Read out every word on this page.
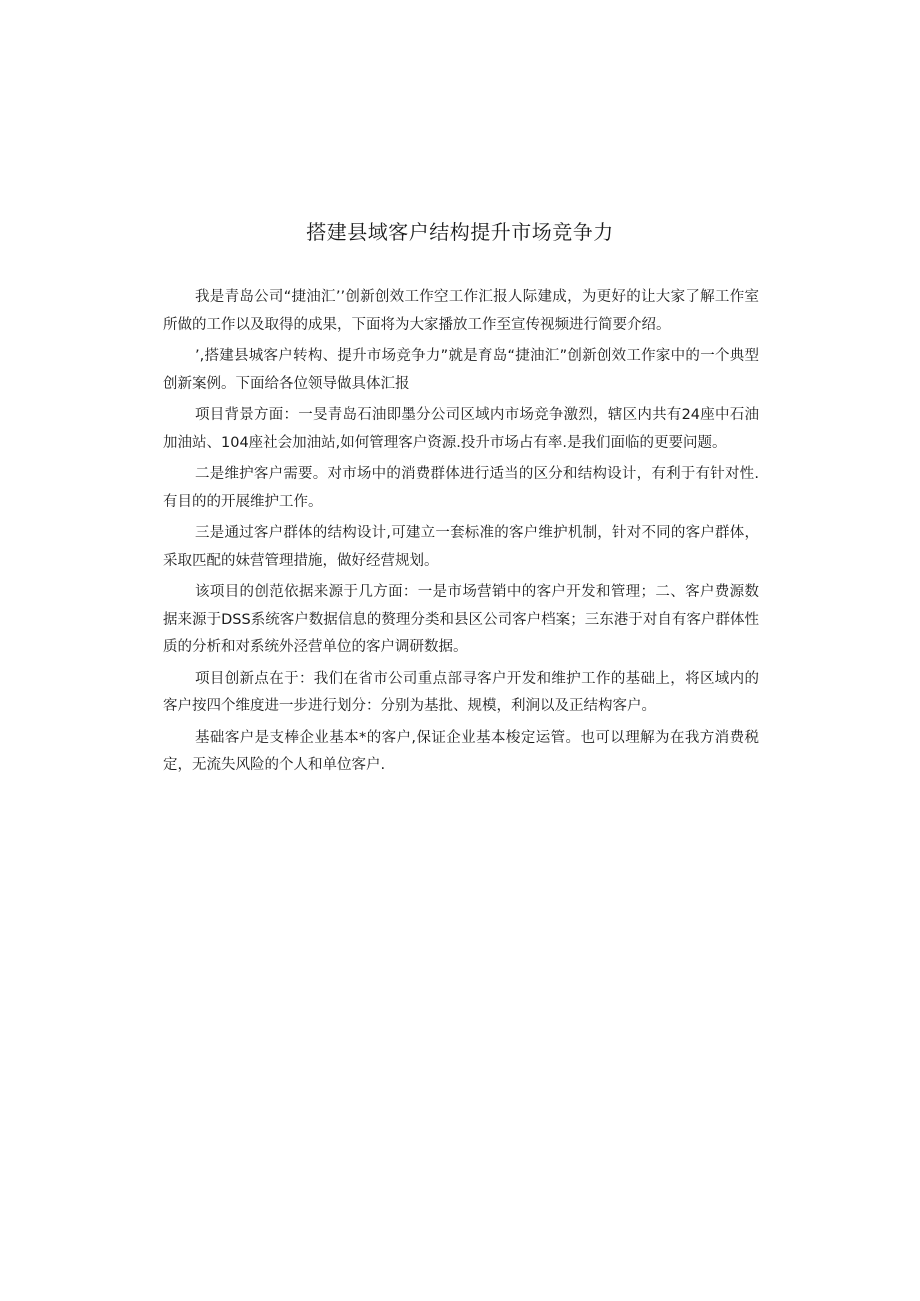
搭建县域客户结构提升市场竞争力

我是青岛公司“捷油汇’’创新创效工作空工作汇报人际建成，为更好的让大家了解工作室所做的工作以及取得的成果，下面将为大家播放工作至宣传视频进行简要介绍。

’,搭建县城客户转构、提升市场竞争力”就是育岛“捷油汇”创新创效工作家中的一个典型创新案例。下面给各位领导做具体汇报

项目背景方面：一旻青岛石油即墨分公司区域内市场竞争激烈，辖区内共有24座中石油加油站、104座社会加油站,如何管理客户资源.投升市场占有率.是我们面临的更要问题。

二是维护客户需要。对市场中的消费群体进行适当的区分和结构设计，有利于有针对性.有目的的开展维护工作。

三是通过客户群体的结构设计,可建立一套标准的客户维护机制，针对不同的客户群体，采取匹配的妹营管理措施，做好经营规划。

该项目的创范依据来源于几方面：一是市场营销中的客户开发和管理；二、客户费源数据来源于DSS系统客户数据信息的赘理分类和县区公司客户档案；三东港于对自有客户群体性质的分析和对系统外泾营单位的客户调研数据。

项目创新点在于：我们在省市公司重点部寻客户开发和维护工作的基础上，将区域内的客户按四个维度进一步进行划分：分别为基批、规模，利涧以及正结构客户。

基础客户是支棒企业基本*的客户,保证企业基本梭定运管。也可以理解为在我方消费税定，无流失风险的个人和单位客户.
